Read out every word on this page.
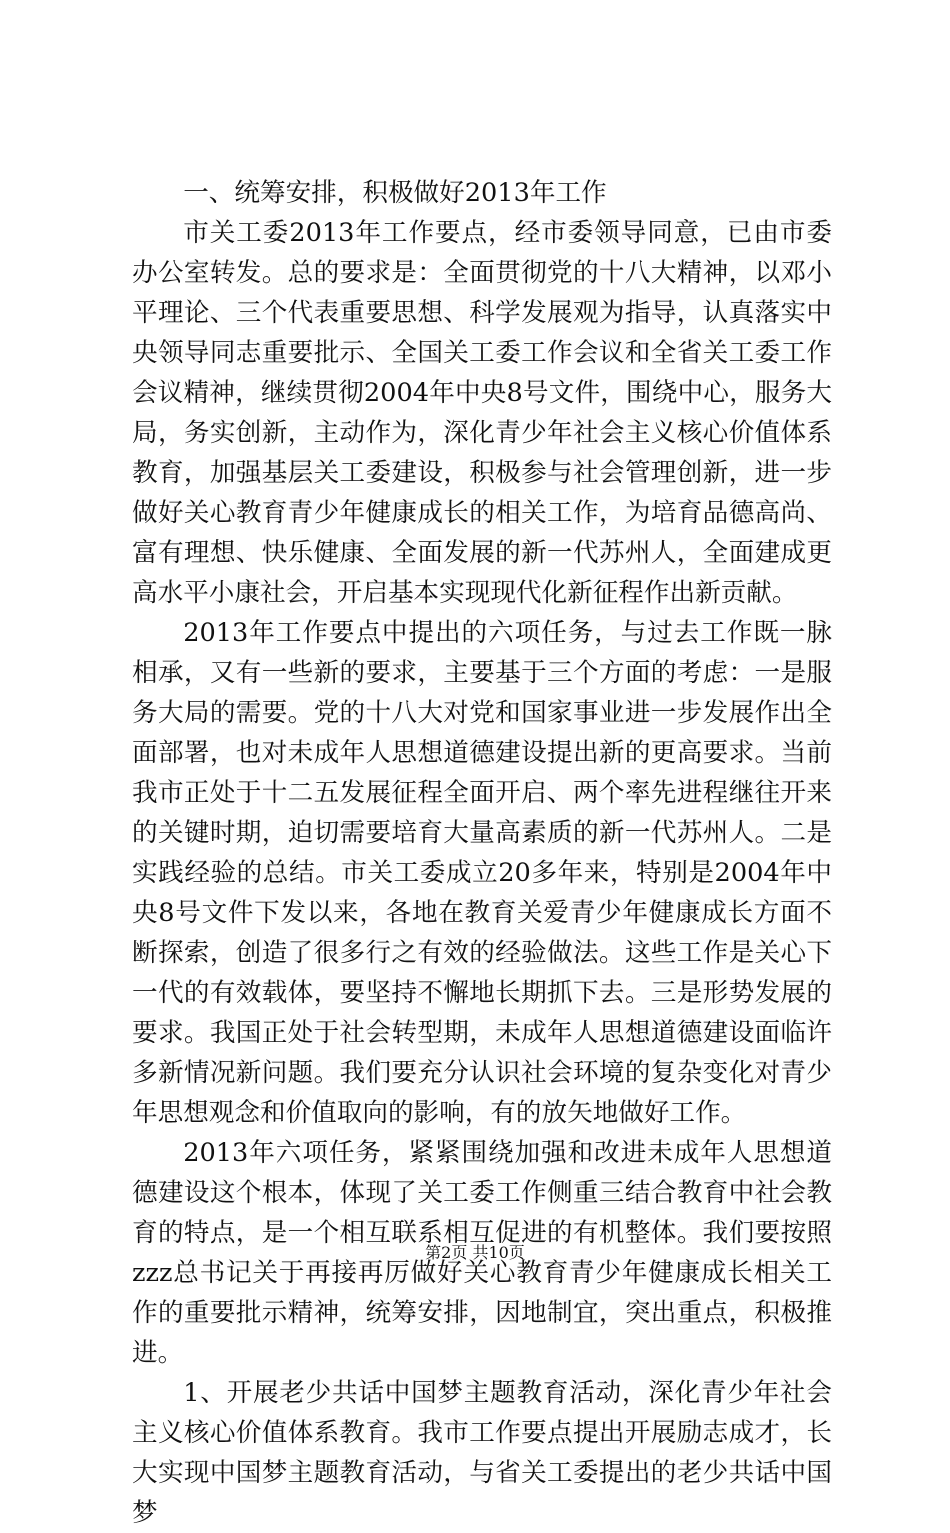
一、统筹安排，积极做好2013年工作

市关工委2013年工作要点，经市委领导同意，已由市委办公室转发。总的要求是：全面贯彻党的十八大精神，以邓小平理论、三个代表重要思想、科学发展观为指导，认真落实中央领导同志重要批示、全国关工委工作会议和全省关工委工作会议精神，继续贯彻2004年中央8号文件，围绕中心，服务大局，务实创新，主动作为，深化青少年社会主义核心价值体系教育，加强基层关工委建设，积极参与社会管理创新，进一步做好关心教育青少年健康成长的相关工作，为培育品德高尚、富有理想、快乐健康、全面发展的新一代苏州人，全面建成更高水平小康社会，开启基本实现现代化新征程作出新贡献。

2013年工作要点中提出的六项任务，与过去工作既一脉相承，又有一些新的要求，主要基于三个方面的考虑：一是服务大局的需要。党的十八大对党和国家事业进一步发展作出全面部署，也对未成年人思想道德建设提出新的更高要求。当前我市正处于十二五发展征程全面开启、两个率先进程继往开来的关键时期，迫切需要培育大量高素质的新一代苏州人。二是实践经验的总结。市关工委成立20多年来，特别是2004年中央8号文件下发以来，各地在教育关爱青少年健康成长方面不断探索，创造了很多行之有效的经验做法。这些工作是关心下一代的有效载体，要坚持不懈地长期抓下去。三是形势发展的要求。我国正处于社会转型期，未成年人思想道德建设面临许多新情况新问题。我们要充分认识社会环境的复杂变化对青少年思想观念和价值取向的影响，有的放矢地做好工作。

2013年六项任务，紧紧围绕加强和改进未成年人思想道德建设这个根本，体现了关工委工作侧重三结合教育中社会教育的特点，是一个相互联系相互促进的有机整体。我们要按照zzz总书记关于再接再厉做好关心教育青少年健康成长相关工作的重要批示精神，统筹安排，因地制宜，突出重点，积极推进。

1、开展老少共话中国梦主题教育活动，深化青少年社会主义核心价值体系教育。我市工作要点提出开展励志成才，长大实现中国梦主题教育活动，与省关工委提出的老少共话中国梦

第2页 共10页
